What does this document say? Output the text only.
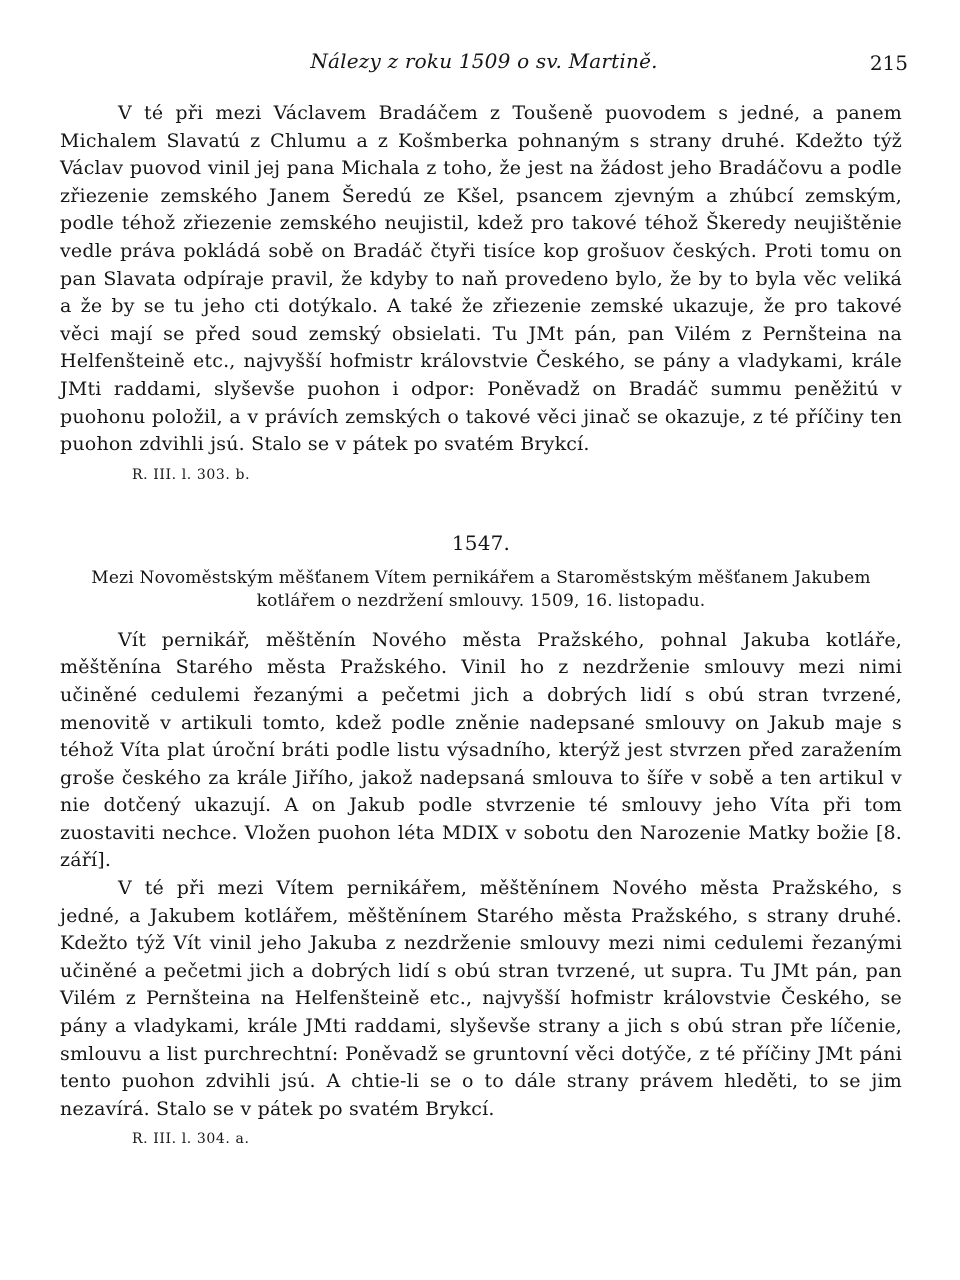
Nálezy z roku 1509 o sv. Martině.	215

V té při mezi Václavem Bradáčem z Toušeně puovodem s jedné, a panem Michalem Slavatú z Chlumu a z Košmberka pohnaným s strany druhé. Kdežto týž Václav puovod vinil jej pana Michala z toho, že jest na žádost jeho Bradáčovu a podle zřiezenie zemského Janem Šeredú ze Kšel, psancem zjevným a zhúbcí zemským, podle téhož zřiezenie zemského neujistil, kdež pro takové téhož Škeredy neujištěnie vedle práva pokládá sobě on Bradáč čtyři tisíce kop grošuov českých. Proti tomu on pan Slavata odpíraje pravil, že kdyby to naň provedeno bylo, že by to byla věc veliká a že by se tu jeho cti dotýkalo. A také že zřiezenie zemské ukazuje, že pro takové věci mají se před soud zemský obsielati. Tu JMt pán, pan Vilém z Pernšteina na Helfenšteině etc., najvyšší hofmistr královstvie Českého, se pány a vladykami, krále JMti raddami, slyševše puohon i odpor: Poněvadž on Bradáč summu peněžitú v puohonu položil, a v právích zemských o takové věci jinač se okazuje, z té příčiny ten puohon zdvihli jsú. Stalo se v pátek po svatém Brykcí.

R. III. l. 303. b.
1547.
Mezi Novoměstským měšťanem Vítem pernikářem a Staroměstským měšťanem Jakubem kotlářem o nezdržení smlouvy. 1509, 16. listopadu.

Vít pernikář, měštěnín Nového města Pražského, pohnal Jakuba kotláře, měštěnína Starého města Pražského. Vinil ho z nezdrženie smlouvy mezi nimi učiněné cedulemi řezanými a pečetmi jich a dobrých lidí s obú stran tvrzené, menovitě v artikuli tomto, kdež podle zněnie nadepsané smlouvy on Jakub maje s téhož Víta plat úroční bráti podle listu výsadního, kterýž jest stvrzen před zaražením groše českého za krále Jiřího, jakož nadepsaná smlouva to šíře v sobě a ten artikul v nie dotčený ukazují. A on Jakub podle stvrzenie té smlouvy jeho Víta při tom zuostaviti nechce. Vložen puohon léta MDIX v sobotu den Narozenie Matky božie [8. září].

V té při mezi Vítem pernikářem, měštěnínem Nového města Pražského, s jedné, a Jakubem kotlářem, měštěnínem Starého města Pražského, s strany druhé. Kdežto týž Vít vinil jeho Jakuba z nezdrženie smlouvy mezi nimi cedulemi řezanými učiněné a pečetmi jich a dobrých lidí s obú stran tvrzené, ut supra. Tu JMt pán, pan Vilém z Pernšteina na Helfenšteině etc., najvyšší hofmistr královstvie Českého, se pány a vladykami, krále JMti raddami, slyševše strany a jich s obú stran pře líčenie, smlouvu a list purchrechtní: Poněvadž se gruntovní věci dotýče, z té příčiny JMt páni tento puohon zdvihli jsú. A chtie-li se o to dále strany právem hleděti, to se jim nezavírá. Stalo se v pátek po svatém Brykcí.

R. III. l. 304. a.
